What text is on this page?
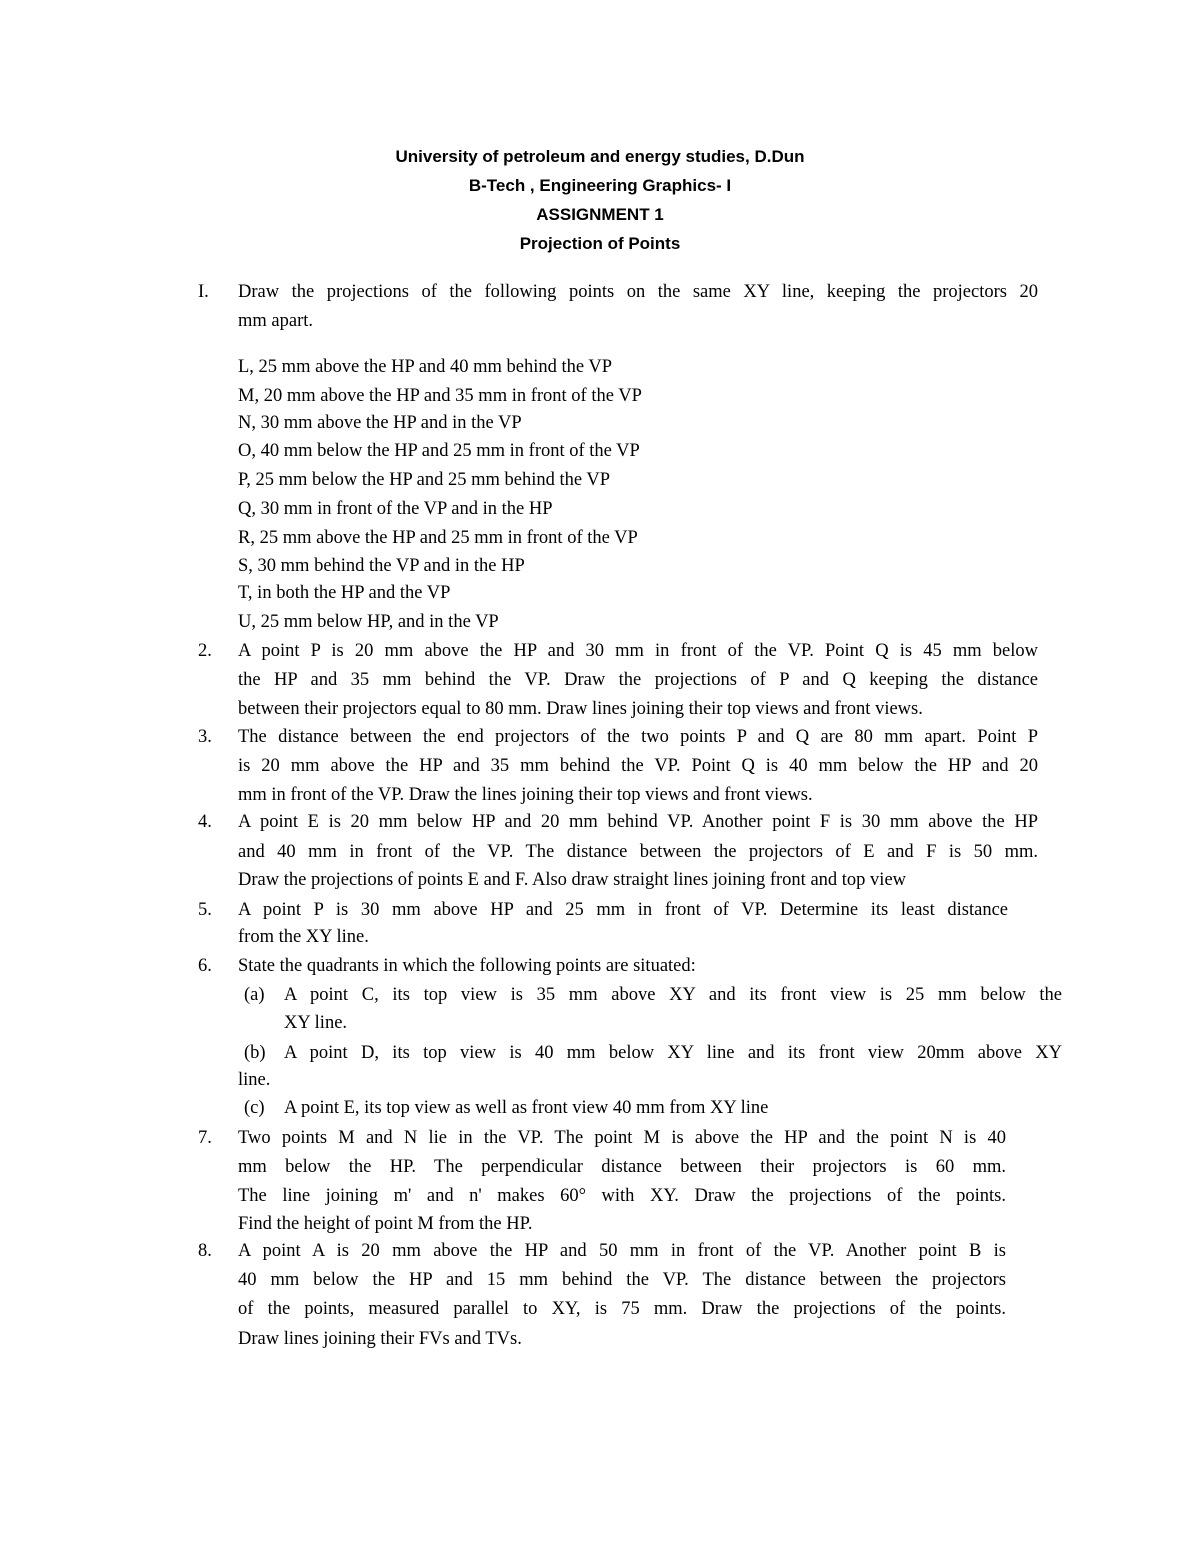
University of petroleum and energy studies, D.Dun
B-Tech , Engineering Graphics- I
ASSIGNMENT 1
Projection of Points
I. Draw the projections of the following points on the same XY line, keeping the projectors 20
mm apart.
L, 25 mm above the HP and 40 mm behind the VP
M, 20 mm above the HP and 35 mm in front of the VP
N, 30 mm above the HP and in the VP
O, 40 mm below the HP and 25 mm in front of the VP
P, 25 mm below the HP and 25 mm behind the VP
Q, 30 mm in front of the VP and in the HP
R, 25 mm above the HP and 25 mm in front of the VP
S, 30 mm behind the VP and in the HP
T, in both the HP and the VP
U, 25 mm below HP, and in the VP
2. A point P is 20 mm above the HP and 30 mm in front of the VP. Point Q is 45 mm below
the HP and 35 mm behind the VP. Draw the projections of P and Q keeping the distance
between their projectors equal to 80 mm. Draw lines joining their top views and front views.
3. The distance between the end projectors of the two points P and Q are 80 mm apart. Point P
is 20 mm above the HP and 35 mm behind the VP. Point Q is 40 mm below the HP and 20
mm in front of the VP. Draw the lines joining their top views and front views.
4. A point E is 20 mm below HP and 20 mm behind VP. Another point F is 30 mm above the HP
and 40 mm in front of the VP. The distance between the projectors of E and F is 50 mm.
Draw the projections of points E and F. Also draw straight lines joining front and top view
5. A point P is 30 mm above HP and 25 mm in front of VP. Determine its least distance
from the XY line.
6. State the quadrants in which the following points are situated:
(a) A point C, its top view is 35 mm above XY and its front view is 25 mm below the
XY line.
(b) A point D, its top view is 40 mm below XY line and its front view 20mm above XY
line.
(c) A point E, its top view as well as front view 40 mm from XY line
7. Two points M and N lie in the VP. The point M is above the HP and the point N is 40
mm below the HP. The perpendicular distance between their projectors is 60 mm.
The line joining m' and n' makes 60° with XY. Draw the projections of the points.
Find the height of point M from the HP.
8. A point A is 20 mm above the HP and 50 mm in front of the VP. Another point B is
40 mm below the HP and 15 mm behind the VP. The distance between the projectors
of the points, measured parallel to XY, is 75 mm. Draw the projections of the points.
Draw lines joining their FVs and TVs.
